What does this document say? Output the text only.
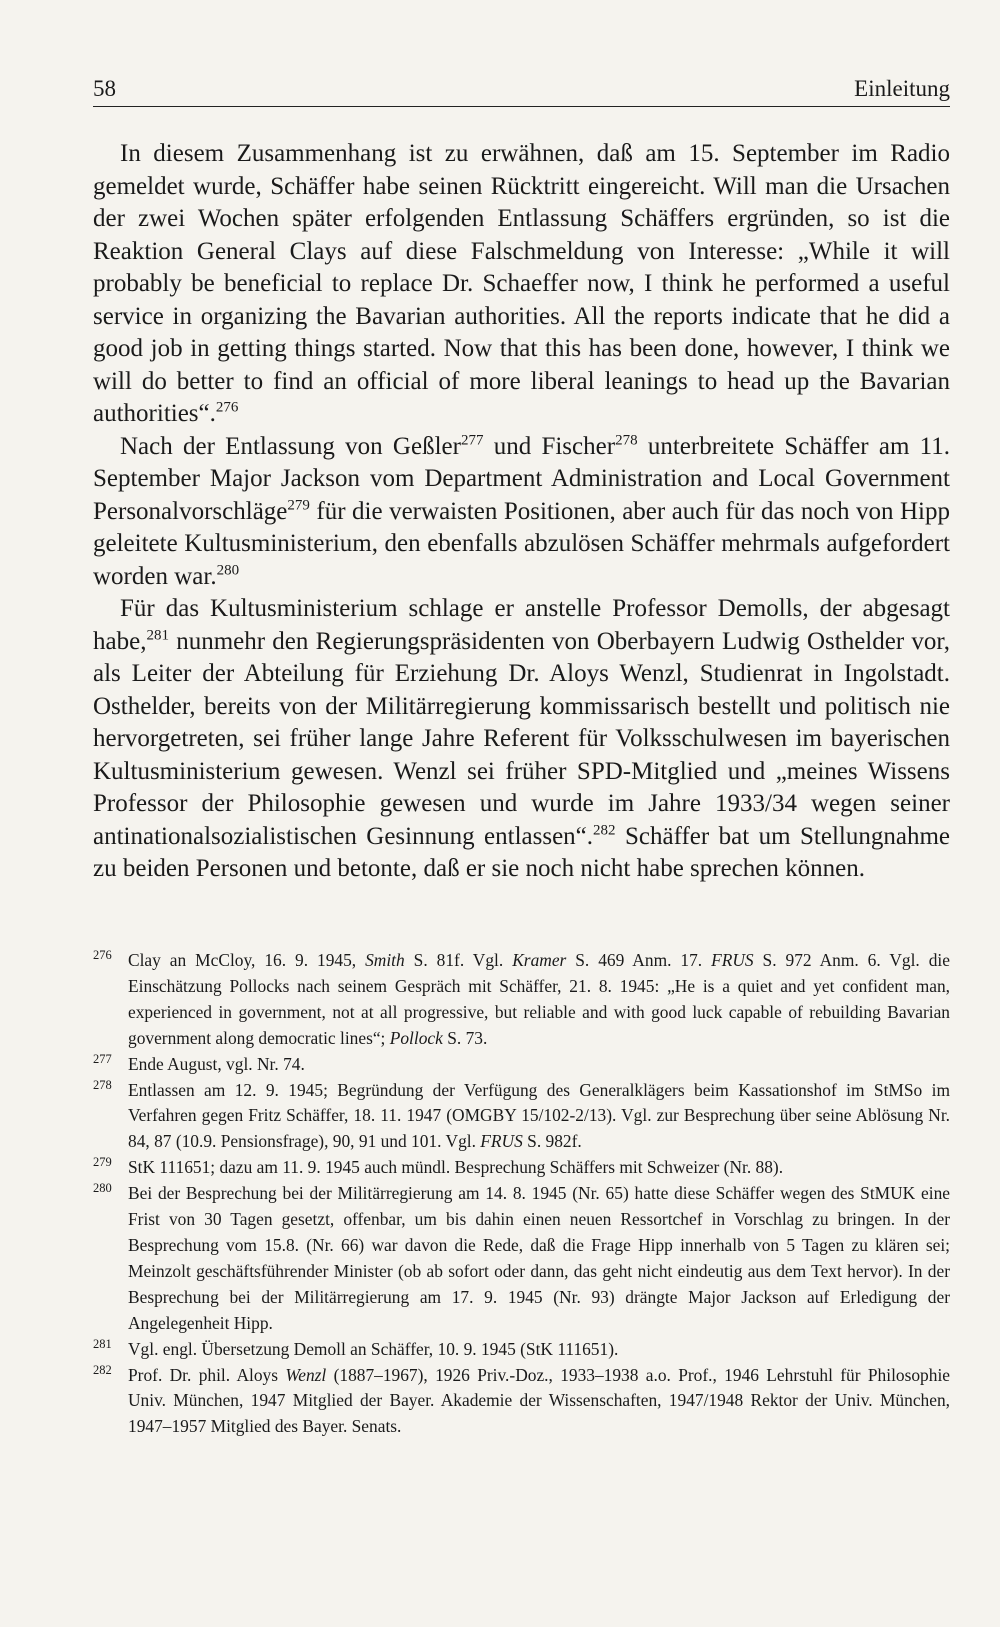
58	Einleitung

In diesem Zusammenhang ist zu erwähnen, daß am 15. September im Radio gemeldet wurde, Schäffer habe seinen Rücktritt eingereicht. Will man die Ursachen der zwei Wochen später erfolgenden Entlassung Schäffers ergründen, so ist die Reaktion General Clays auf diese Falschmeldung von Interesse: „While it will probably be beneficial to replace Dr. Schaeffer now, I think he performed a useful service in organizing the Bavarian authorities. All the reports indicate that he did a good job in getting things started. Now that this has been done, however, I think we will do better to find an official of more liberal leanings to head up the Bavarian authorities“.$^{276}$

Nach der Entlassung von Geßler$^{277}$ und Fischer$^{278}$ unterbreitete Schäffer am 11. September Major Jackson vom Department Administration and Local Government Personalvorschläge$^{279}$ für die verwaisten Positionen, aber auch für das noch von Hipp geleitete Kultusministerium, den ebenfalls abzulösen Schäffer mehrmals aufgefordert worden war.$^{280}$

Für das Kultusministerium schlage er anstelle Professor Demolls, der abgesagt habe,$^{281}$ nunmehr den Regierungspräsidenten von Oberbayern Ludwig Osthelder vor, als Leiter der Abteilung für Erziehung Dr. Aloys Wenzl, Studienrat in Ingolstadt. Osthelder, bereits von der Militärregierung kommissarisch bestellt und politisch nie hervorgetreten, sei früher lange Jahre Referent für Volksschulwesen im bayerischen Kultusministerium gewesen. Wenzl sei früher SPD-Mitglied und „meines Wissens Professor der Philosophie gewesen und wurde im Jahre 1933/34 wegen seiner antinationalsozialistischen Gesinnung entlassen“.$^{282}$ Schäffer bat um Stellungnahme zu beiden Personen und betonte, daß er sie noch nicht habe sprechen können.

276 Clay an McCloy, 16. 9. 1945, Smith S. 81f. Vgl. Kramer S. 469 Anm. 17. FRUS S. 972 Anm. 6. Vgl. die Einschätzung Pollocks nach seinem Gespräch mit Schäffer, 21. 8. 1945: „He is a quiet and yet confident man, experienced in government, not at all progressive, but reliable and with good luck capable of rebuilding Bavarian government along democratic lines“; Pollock S. 73.
277 Ende August, vgl. Nr. 74.
278 Entlassen am 12. 9. 1945; Begründung der Verfügung des Generalklägers beim Kassationshof im StMSo im Verfahren gegen Fritz Schäffer, 18. 11. 1947 (OMGBY 15/102-2/13). Vgl. zur Besprechung über seine Ablösung Nr. 84, 87 (10.9. Pensionsfrage), 90, 91 und 101. Vgl. FRUS S. 982f.
279 StK 111651; dazu am 11. 9. 1945 auch mündl. Besprechung Schäffers mit Schweizer (Nr. 88).
280 Bei der Besprechung bei der Militärregierung am 14. 8. 1945 (Nr. 65) hatte diese Schäffer wegen des StMUK eine Frist von 30 Tagen gesetzt, offenbar, um bis dahin einen neuen Ressortchef in Vorschlag zu bringen. In der Besprechung vom 15.8. (Nr. 66) war davon die Rede, daß die Frage Hipp innerhalb von 5 Tagen zu klären sei; Meinzolt geschäftsführender Minister (ob ab sofort oder dann, das geht nicht eindeutig aus dem Text hervor). In der Besprechung bei der Militärregierung am 17. 9. 1945 (Nr. 93) drängte Major Jackson auf Erledigung der Angelegenheit Hipp.
281 Vgl. engl. Übersetzung Demoll an Schäffer, 10. 9. 1945 (StK 111651).
282 Prof. Dr. phil. Aloys Wenzl (1887–1967), 1926 Priv.-Doz., 1933–1938 a.o. Prof., 1946 Lehrstuhl für Philosophie Univ. München, 1947 Mitglied der Bayer. Akademie der Wissenschaften, 1947/1948 Rektor der Univ. München, 1947–1957 Mitglied des Bayer. Senats.
